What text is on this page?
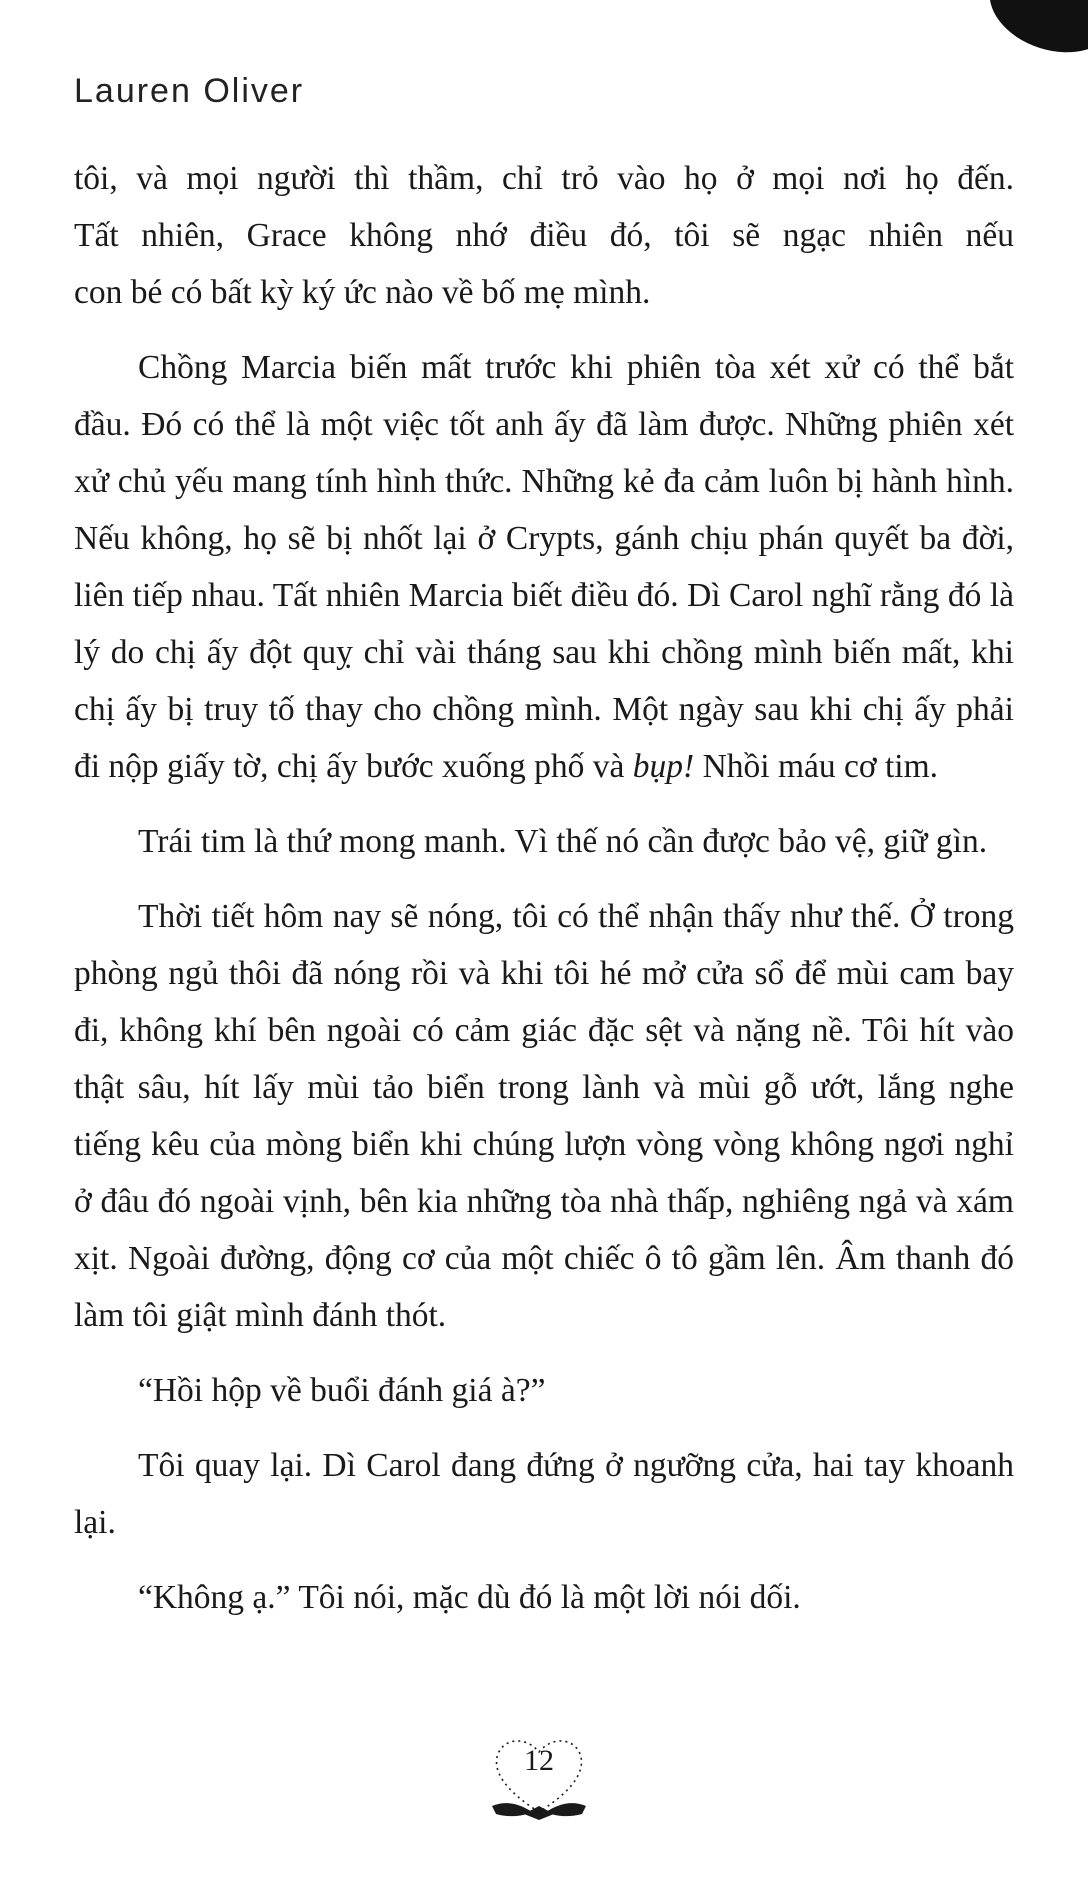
Lauren Oliver

tôi, và mọi người thì thầm, chỉ trỏ vào họ ở mọi nơi họ đến.
Tất nhiên, Grace không nhớ điều đó, tôi sẽ ngạc nhiên nếu
con bé có bất kỳ ký ức nào về bố mẹ mình.

Chồng Marcia biến mất trước khi phiên tòa xét xử có thể bắt đầu. Đó có thể là một việc tốt anh ấy đã làm được. Những phiên xét xử chủ yếu mang tính hình thức. Những kẻ đa cảm luôn bị hành hình. Nếu không, họ sẽ bị nhốt lại ở Crypts, gánh chịu phán quyết ba đời, liên tiếp nhau. Tất nhiên Marcia biết điều đó. Dì Carol nghĩ rằng đó là lý do chị ấy đột quỵ chỉ vài tháng sau khi chồng mình biến mất, khi chị ấy bị truy tố thay cho chồng mình. Một ngày sau khi chị ấy phải đi nộp giấy tờ, chị ấy bước xuống phố và bụp! Nhồi máu cơ tim.

Trái tim là thứ mong manh. Vì thế nó cần được bảo vệ, giữ gìn.

Thời tiết hôm nay sẽ nóng, tôi có thể nhận thấy như thế. Ở trong phòng ngủ thôi đã nóng rồi và khi tôi hé mở cửa sổ để mùi cam bay đi, không khí bên ngoài có cảm giác đặc sệt và nặng nề. Tôi hít vào thật sâu, hít lấy mùi tảo biển trong lành và mùi gỗ ướt, lắng nghe tiếng kêu của mòng biển khi chúng lượn vòng vòng không ngơi nghỉ ở đâu đó ngoài vịnh, bên kia những tòa nhà thấp, nghiêng ngả và xám xịt. Ngoài đường, động cơ của một chiếc ô tô gầm lên. Âm thanh đó làm tôi giật mình đánh thót.

“Hồi hộp về buổi đánh giá à?”

Tôi quay lại. Dì Carol đang đứng ở ngưỡng cửa, hai tay khoanh lại.

“Không ạ.” Tôi nói, mặc dù đó là một lời nói dối.

12
